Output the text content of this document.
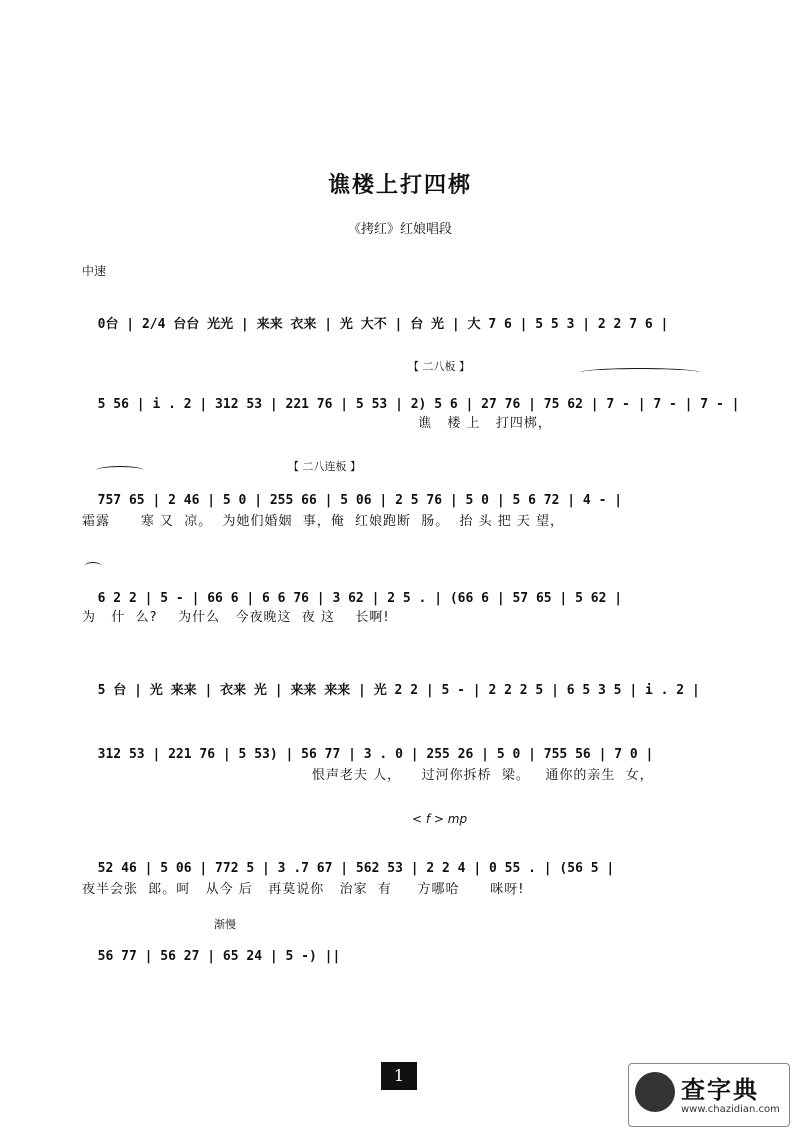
谯楼上打四梆
《拷红》红娘唱段
中速

0台 | 2/4 台台 光光 | 来来 衣来 | 光 大不 | 台 光 | 大 7 6 | 5 5 3 | 2 2 7 6 |

【 二八板 】

5 56 | i . 2 | 312 53 | 221 76 | 5 53 | 2) 5 6 | 27 76 | 75 62 | 7 - | 7 - | 7 - |

谯   楼 上   打四梆，
【 二八连板 】

757 65 | 2 46 | 5 0 | 255 66 | 5 06 | 2 5 76 | 5 0 | 5 6 72 | 4 - |

霜露      寒 又  凉。  为她们婚姻  事，俺  红娘跑断  肠。  抬 头 把 天 望，

6 2 2 | 5 - | 66 6 | 6 6 76 | 3 62 | 2 5 . | (66 6 | 57 65 | 5 62 |

为   什  么?    为什么   今夜晚这  夜 这    长啊!

5 台 | 光 来来 | 衣来 光 | 来来 来来 | 光 2 2 | 5 - | 2 2 2 5 | 6 5 3 5 | i . 2 |

312 53 | 221 76 | 5 53) | 56 77 | 3 . 0 | 255 26 | 5 0 | 755 56 | 7 0 |

恨声老夫 人，    过河你拆桥  梁。   通你的亲生  女，
< f > mp

52 46 | 5 06 | 772 5 | 3 .7 67 | 562 53 | 2 2 4 | 0 55 . | (56 5 |

夜半会张  郎。呵   从今 后   再莫说你   治家  有     方哪哈      咪呀!
渐慢

56 77 | 56 27 | 65 24 | 5 -) ||

1
查字典
www.chazidian.com
